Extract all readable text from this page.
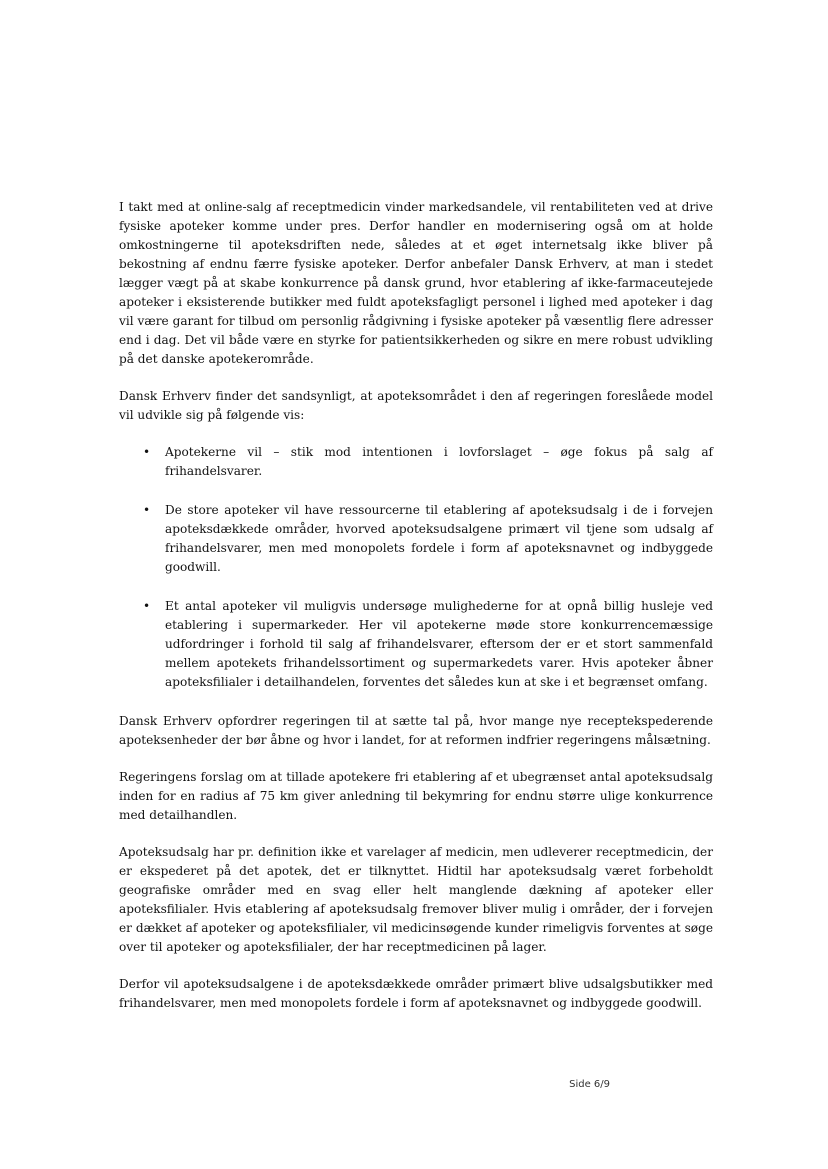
I takt med at online-salg af receptmedicin vinder markedsandele, vil rentabiliteten ved at drive fysiske apoteker komme under pres. Derfor handler en modernisering også om at holde omkostningerne til apoteksdriften nede, således at et øget internetsalg ikke bliver på bekostning af endnu færre fysiske apoteker. Derfor anbefaler Dansk Erhverv, at man i stedet lægger vægt på at skabe konkurrence på dansk grund, hvor etablering af ikke-farmaceutejede apoteker i eksisterende butikker med fuldt apoteksfagligt personel i lighed med apoteker i dag vil være garant for tilbud om personlig rådgivning i fysiske apoteker på væsentlig flere adresser end i dag. Det vil både være en styrke for patientsikkerheden og sikre en mere robust udvikling på det danske apotekerområde.

Dansk Erhverv finder det sandsynligt, at apoteksområdet i den af regeringen foreslåede model vil udvikle sig på følgende vis:

• Apotekerne vil – stik mod intentionen i lovforslaget – øge fokus på salg af frihandelsvarer.
• De store apoteker vil have ressourcerne til etablering af apoteksudsalg i de i forvejen apoteksdækkede områder, hvorved apoteksudsalgene primært vil tjene som udsalg af frihandelsvarer, men med monopolets fordele i form af apoteksnavnet og indbyggede goodwill.
• Et antal apoteker vil muligvis undersøge mulighederne for at opnå billig husleje ved etablering i supermarkeder. Her vil apotekerne møde store konkurrencemæssige udfordringer i forhold til salg af frihandelsvarer, eftersom der er et stort sammenfald mellem apotekets frihandelssortiment og supermarkedets varer. Hvis apoteker åbner apoteksfilialer i detailhandelen, forventes det således kun at ske i et begrænset omfang.

Dansk Erhverv opfordrer regeringen til at sætte tal på, hvor mange nye receptekspederende apoteksenheder der bør åbne og hvor i landet, for at reformen indfrier regeringens målsætning.

Regeringens forslag om at tillade apotekere fri etablering af et ubegrænset antal apoteksudsalg inden for en radius af 75 km giver anledning til bekymring for endnu større ulige konkurrence med detailhandlen.

Apoteksudsalg har pr. definition ikke et varelager af medicin, men udleverer receptmedicin, der er ekspederet på det apotek, det er tilknyttet. Hidtil har apoteksudsalg været forbeholdt geografiske områder med en svag eller helt manglende dækning af apoteker eller apoteksfilialer. Hvis etablering af apoteksudsalg fremover bliver mulig i områder, der i forvejen er dækket af apoteker og apoteksfilialer, vil medicinsøgende kunder rimeligvis forventes at søge over til apoteker og apoteksfilialer, der har receptmedicinen på lager.

Derfor vil apoteksudsalgene i de apoteksdækkede områder primært blive udsalgsbutikker med frihandelsvarer, men med monopolets fordele i form af apoteksnavnet og indbyggede goodwill.

Side 6/9
